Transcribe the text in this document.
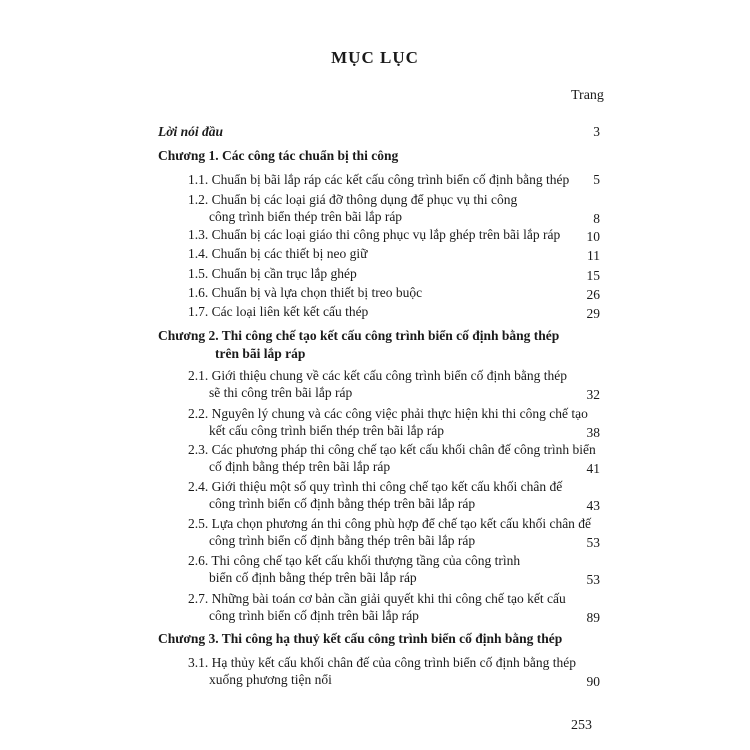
MỤC LỤC
Trang
Lời nói đầu	3
Chương 1. Các công tác chuẩn bị thi công
1.1. Chuẩn bị bãi lắp ráp các kết cấu công trình biển cố định bằng thép	5
1.2. Chuẩn bị các loại giá đỡ thông dụng để phục vụ thi công
công trình biển thép trên bãi lắp ráp	8
1.3. Chuẩn bị các loại giáo thi công phục vụ lắp ghép trên bãi lắp ráp	10
1.4. Chuẩn bị các thiết bị neo giữ	11
1.5. Chuẩn bị cần trục lắp ghép	15
1.6. Chuẩn bị và lựa chọn thiết bị treo buộc	26
1.7. Các loại liên kết kết cấu thép	29
Chương 2. Thi công chế tạo kết cấu công trình biển cố định bằng thép
trên bãi lắp ráp
2.1. Giới thiệu chung về các kết cấu công trình biển cố định bằng thép
sẽ thi công trên bãi lắp ráp	32
2.2. Nguyên lý chung và các công việc phải thực hiện khi thi công chế tạo
kết cấu công trình biển thép trên bãi lắp ráp	38
2.3. Các phương pháp thi công chế tạo kết cấu khối chân đế công trình biển
cố định bằng thép trên bãi lắp ráp	41
2.4. Giới thiệu một số quy trình thi công chế tạo kết cấu khối chân đế
công trình biển cố định bằng thép trên bãi lắp ráp	43
2.5. Lựa chọn phương án thi công phù hợp để chế tạo kết cấu khối chân đế
công trình biển cố định bằng thép trên bãi lắp ráp	53
2.6. Thi công chế tạo kết cấu khối thượng tầng của công trình
biển cố định bằng thép trên bãi lắp ráp	53
2.7. Những bài toán cơ bản cần giải quyết khi thi công chế tạo kết cấu
công trình biển cố định trên bãi lắp ráp	89
Chương 3. Thi công hạ thuỷ kết cấu công trình biển cố định bằng thép
3.1. Hạ thủy kết cấu khối chân đế của công trình biển cố định bằng thép
xuống phương tiện nổi	90
253
